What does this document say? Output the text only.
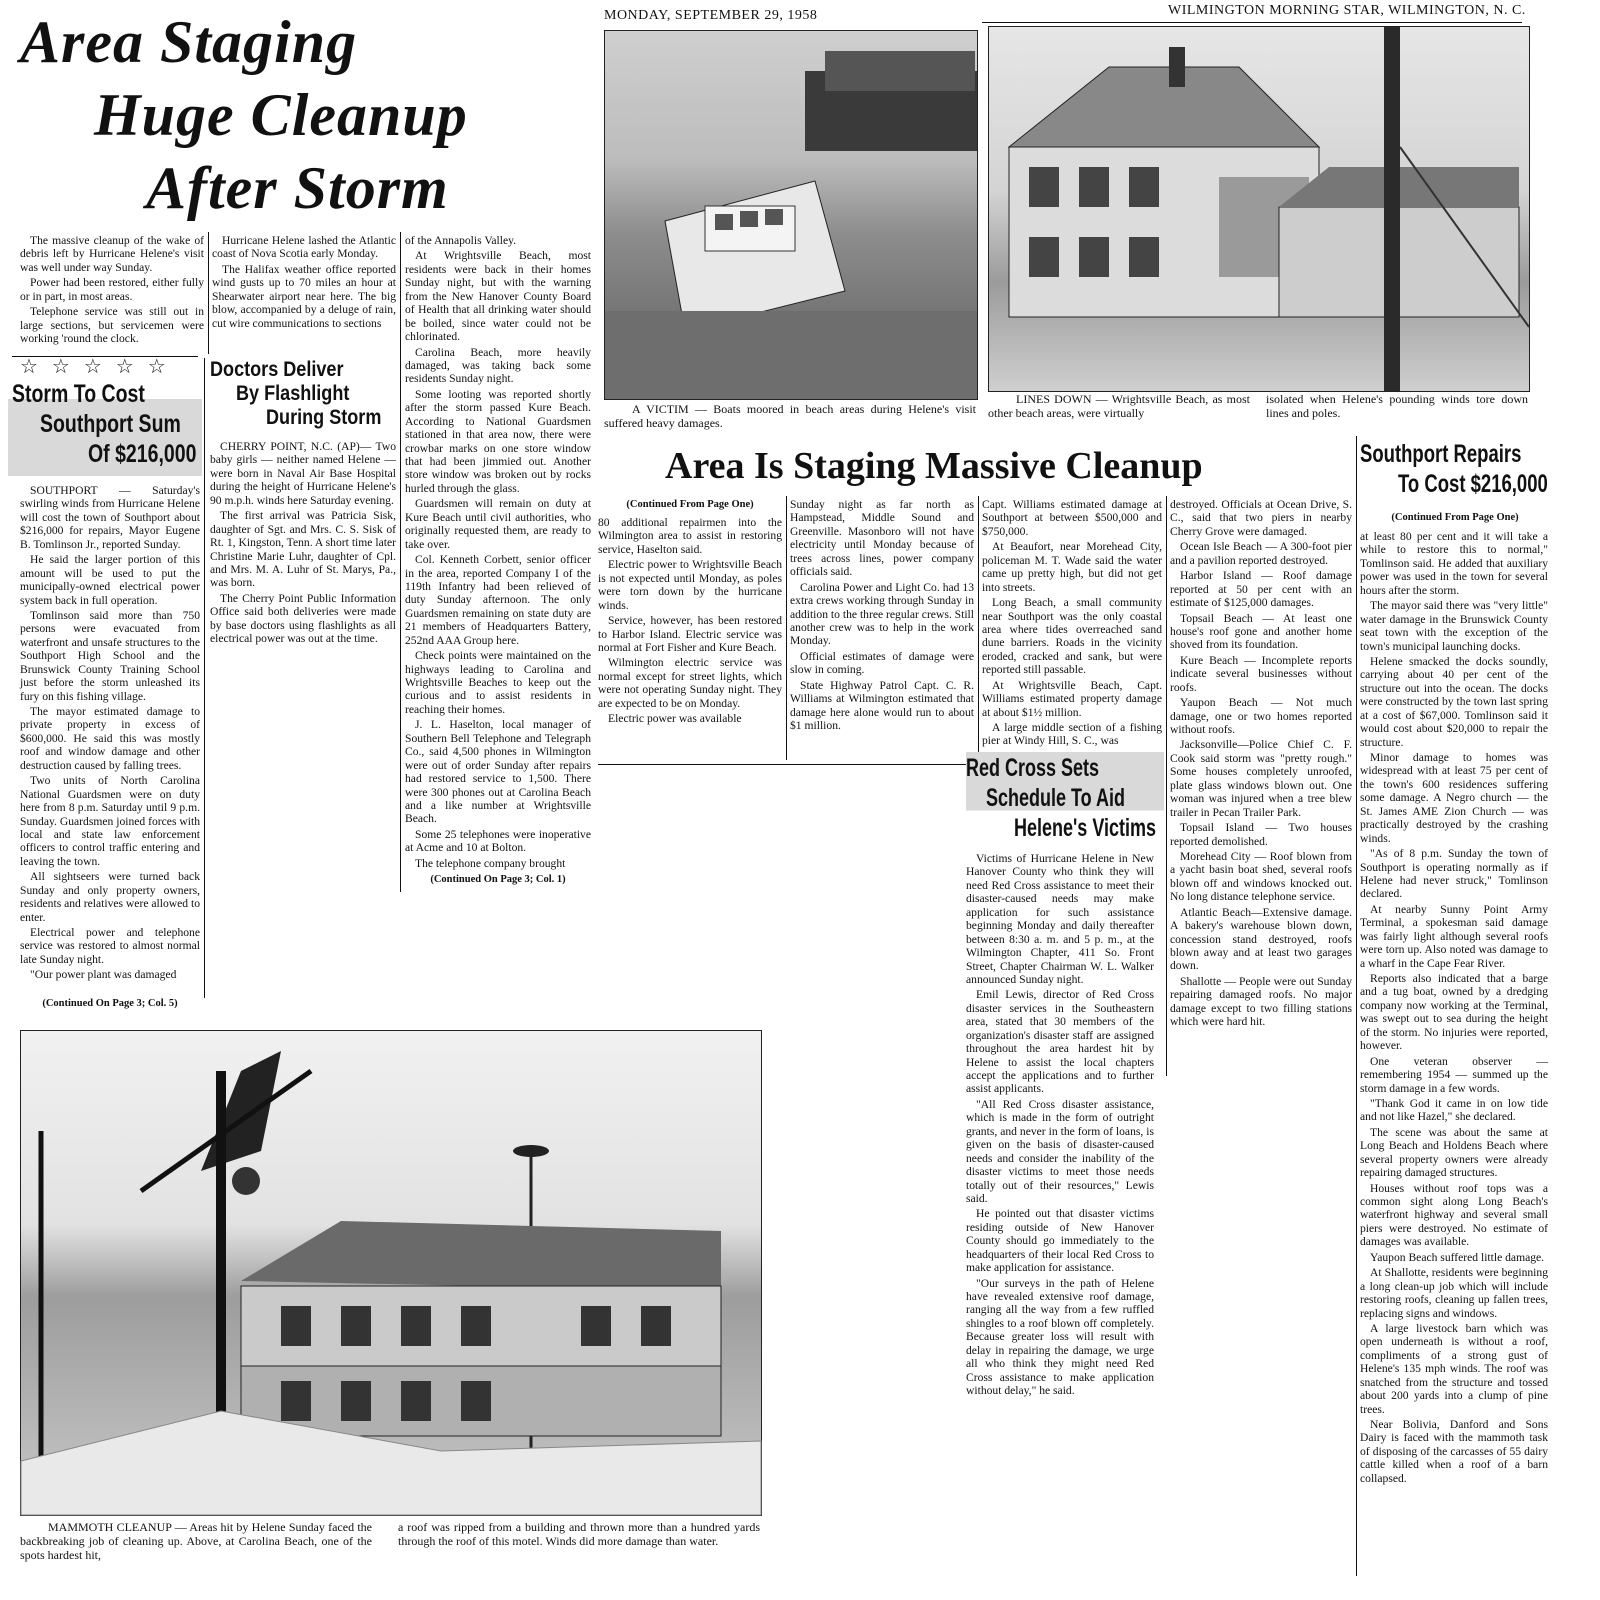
MONDAY, SEPTEMBER 29, 1958	WILMINGTON MORNING STAR, WILMINGTON, N. C.
Area Staging
Huge Cleanup
After Storm

The massive cleanup of the wake of debris left by Hurricane Helene's visit was well under way Sunday.

Power had been restored, either fully or in part, in most areas.

Telephone service was still out in large sections, but servicemen were working 'round the clock.

Hurricane Helene lashed the Atlantic coast of Nova Scotia early Monday.

The Halifax weather office reported wind gusts up to 70 miles an hour at Shearwater airport near here. The big blow, accompanied by a deluge of rain, cut wire communications to sections

of the Annapolis Valley.

At Wrightsville Beach, most residents were back in their homes Sunday night, but with the warning from the New Hanover County Board of Health that all drinking water should be boiled, since water could not be chlorinated.

Carolina Beach, more heavily damaged, was taking back some residents Sunday night.

Some looting was reported shortly after the storm passed Kure Beach. According to National Guardsmen stationed in that area now, there were crowbar marks on one store window that had been jimmied out. Another store window was broken out by rocks hurled through the glass.

Guardsmen will remain on duty at Kure Beach until civil authorities, who originally requested them, are ready to take over.

Col. Kenneth Corbett, senior officer in the area, reported Company I of the 119th Infantry had been relieved of duty Sunday afternoon. The only Guardsmen remaining on state duty are 21 members of Headquarters Battery, 252nd AAA Group here.

Check points were maintained on the highways leading to Carolina and Wrightsville Beaches to keep out the curious and to assist residents in reaching their homes.

J. L. Haselton, local manager of Southern Bell Telephone and Telegraph Co., said 4,500 phones in Wilmington were out of order Sunday after repairs had restored service to 1,500. There were 300 phones out at Carolina Beach and a like number at Wrightsville Beach.

Some 25 telephones were inoperative at Acme and 10 at Bolton.

The telephone company brought

(Continued On Page 3; Col. 1)
☆☆☆☆☆
Storm To Cost
Southport Sum
Of $216,000

SOUTHPORT — Saturday's swirling winds from Hurricane Helene will cost the town of Southport about $216,000 for repairs, Mayor Eugene B. Tomlinson Jr., reported Sunday.

He said the larger portion of this amount will be used to put the municipally-owned electrical power system back in full operation.

Tomlinson said more than 750 persons were evacuated from waterfront and unsafe structures to the Southport High School and the Brunswick County Training School just before the storm unleashed its fury on this fishing village.

The mayor estimated damage to private property in excess of $600,000. He said this was mostly roof and window damage and other destruction caused by falling trees.

Two units of North Carolina National Guardsmen were on duty here from 8 p.m. Saturday until 9 p.m. Sunday. Guardsmen joined forces with local and state law enforcement officers to control traffic entering and leaving the town.

All sightseers were turned back Sunday and only property owners, residents and relatives were allowed to enter.

Electrical power and telephone service was restored to almost normal late Sunday night.

"Our power plant was damaged

(Continued On Page 3; Col. 5)
Doctors Deliver
By Flashlight
During Storm

CHERRY POINT, N.C. (AP)— Two baby girls — neither named Helene — were born in Naval Air Base Hospital during the height of Hurricane Helene's 90 m.p.h. winds here Saturday evening.

The first arrival was Patricia Sisk, daughter of Sgt. and Mrs. C. S. Sisk of Rt. 1, Kingston, Tenn. A short time later Christine Marie Luhr, daughter of Cpl. and Mrs. M. A. Luhr of St. Marys, Pa., was born.

The Cherry Point Public Information Office said both deliveries were made by base doctors using flashlights as all electrical power was out at the time.

A VICTIM — Boats moored in beach areas during Helene's visit suffered heavy damages.
LINES DOWN — Wrightsville Beach, as most other beach areas, were virtually
isolated when Helene's pounding winds tore down lines and poles.
Area Is Staging Massive Cleanup
(Continued From Page One)

80 additional repairmen into the Wilmington area to assist in restoring service, Haselton said.

Electric power to Wrightsville Beach is not expected until Monday, as poles were torn down by the hurricane winds.

Service, however, has been restored to Harbor Island. Electric service was normal at Fort Fisher and Kure Beach.

Wilmington electric service was normal except for street lights, which were not operating Sunday night. They are expected to be on Monday.

Electric power was available

Sunday night as far north as Hampstead, Middle Sound and Greenville. Masonboro will not have electricity until Monday because of trees across lines, power company officials said.

Carolina Power and Light Co. had 13 extra crews working through Sunday in addition to the three regular crews. Still another crew was to help in the work Monday.

Official estimates of damage were slow in coming.

State Highway Patrol Capt. C. R. Williams at Wilmington estimated that damage here alone would run to about $1 million.

Capt. Williams estimated damage at Southport at between $500,000 and $750,000.

At Beaufort, near Morehead City, policeman M. T. Wade said the water came up pretty high, but did not get into streets.

Long Beach, a small community near Southport was the only coastal area where tides overreached sand dune barriers. Roads in the vicinity eroded, cracked and sank, but were reported still passable.

At Wrightsville Beach, Capt. Williams estimated property damage at about $1½ million.

A large middle section of a fishing pier at Windy Hill, S. C., was

destroyed. Officials at Ocean Drive, S. C., said that two piers in nearby Cherry Grove were damaged.

Ocean Isle Beach — A 300-foot pier and a pavilion reported destroyed.

Harbor Island — Roof damage reported at 50 per cent with an estimate of $125,000 damages.

Topsail Beach — At least one house's roof gone and another home shoved from its foundation.

Kure Beach — Incomplete reports indicate several businesses without roofs.

Yaupon Beach — Not much damage, one or two homes reported without roofs.

Jacksonville—Police Chief C. F. Cook said storm was "pretty rough." Some houses completely unroofed, plate glass windows blown out. One woman was injured when a tree blew trailer in Pecan Trailer Park.

Topsail Island — Two houses reported demolished.

Morehead City — Roof blown from a yacht basin boat shed, several roofs blown off and windows knocked out. No long distance telephone service.

Atlantic Beach—Extensive damage. A bakery's warehouse blown down, concession stand destroyed, roofs blown away and at least two garages down.

Shallotte — People were out Sunday repairing damaged roofs. No major damage except to two filling stations which were hard hit.

Red Cross Sets
Schedule To Aid
Helene's Victims

Victims of Hurricane Helene in New Hanover County who think they will need Red Cross assistance to meet their disaster-caused needs may make application for such assistance beginning Monday and daily thereafter between 8:30 a. m. and 5 p. m., at the Wilmington Chapter, 411 So. Front Street, Chapter Chairman W. L. Walker announced Sunday night.

Emil Lewis, director of Red Cross disaster services in the Southeastern area, stated that 30 members of the organization's disaster staff are assigned throughout the area hardest hit by Helene to assist the local chapters accept the applications and to further assist applicants.

"All Red Cross disaster assistance, which is made in the form of outright grants, and never in the form of loans, is given on the basis of disaster-caused needs and consider the inability of the disaster victims to meet those needs totally out of their resources," Lewis said.

He pointed out that disaster victims residing outside of New Hanover County should go immediately to the headquarters of their local Red Cross to make application for assistance.

"Our surveys in the path of Helene have revealed extensive roof damage, ranging all the way from a few ruffled shingles to a roof blown off completely. Because greater loss will result with delay in repairing the damage, we urge all who think they might need Red Cross assistance to make application without delay," he said.

Southport Repairs
To Cost $216,000
(Continued From Page One)

at least 80 per cent and it will take a while to restore this to normal," Tomlinson said. He added that auxiliary power was used in the town for several hours after the storm.

The mayor said there was "very little" water damage in the Brunswick County seat town with the exception of the town's municipal launching docks.

Helene smacked the docks soundly, carrying about 40 per cent of the structure out into the ocean. The docks were constructed by the town last spring at a cost of $67,000. Tomlinson said it would cost about $20,000 to repair the structure.

Minor damage to homes was widespread with at least 75 per cent of the town's 600 residences suffering some damage. A Negro church — the St. James AME Zion Church — was practically destroyed by the crashing winds.

"As of 8 p.m. Sunday the town of Southport is operating normally as if Helene had never struck," Tomlinson declared.

At nearby Sunny Point Army Terminal, a spokesman said damage was fairly light although several roofs were torn up. Also noted was damage to a wharf in the Cape Fear River.

Reports also indicated that a barge and a tug boat, owned by a dredging company now working at the Terminal, was swept out to sea during the height of the storm. No injuries were reported, however.

One veteran observer — remembering 1954 — summed up the storm damage in a few words.

"Thank God it came in on low tide and not like Hazel," she declared.

The scene was about the same at Long Beach and Holdens Beach where several property owners were already repairing damaged structures.

Houses without roof tops was a common sight along Long Beach's waterfront highway and several small piers were destroyed. No estimate of damages was available.

Yaupon Beach suffered little damage.

At Shallotte, residents were beginning a long clean-up job which will include restoring roofs, cleaning up fallen trees, replacing signs and windows.

A large livestock barn which was open underneath is without a roof, compliments of a strong gust of Helene's 135 mph winds. The roof was snatched from the structure and tossed about 200 yards into a clump of pine trees.

Near Bolivia, Danford and Sons Dairy is faced with the mammoth task of disposing of the carcasses of 55 dairy cattle killed when a roof of a barn collapsed.

MAMMOTH CLEANUP — Areas hit by Helene Sunday faced the backbreaking job of cleaning up. Above, at Carolina Beach, one of the spots hardest hit,
a roof was ripped from a building and thrown more than a hundred yards through the roof of this motel. Winds did more damage than water.
